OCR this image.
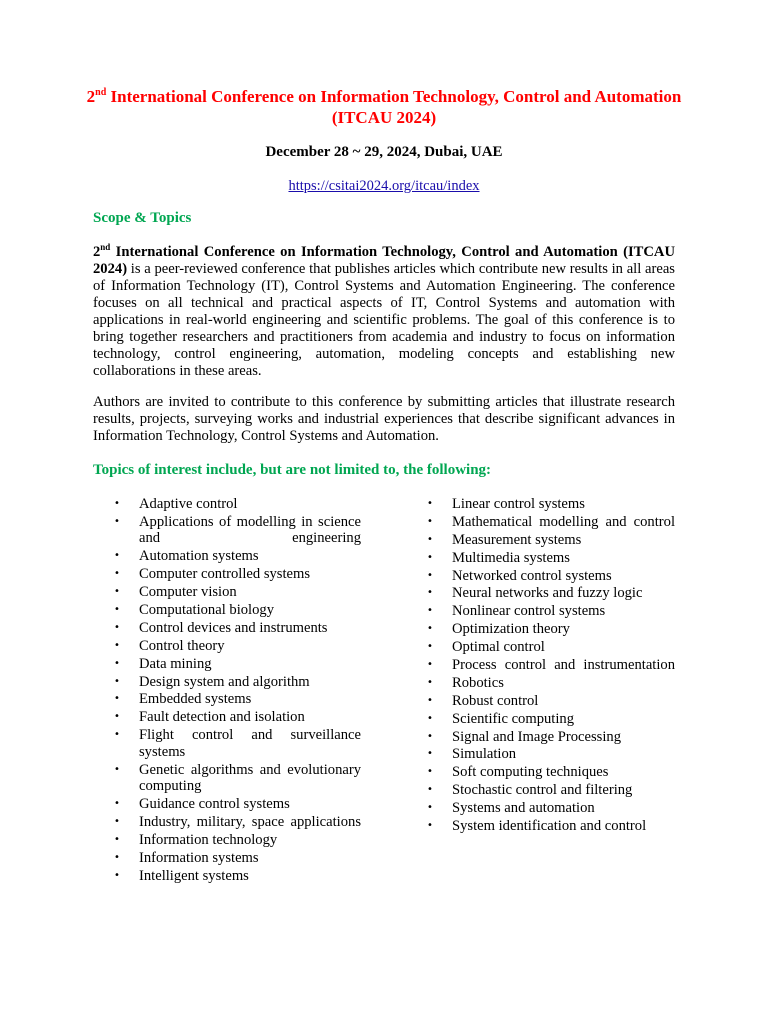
2nd International Conference on Information Technology, Control and Automation (ITCAU 2024)
December 28 ~ 29, 2024, Dubai, UAE
https://csitai2024.org/itcau/index
Scope & Topics
2nd International Conference on Information Technology, Control and Automation (ITCAU 2024) is a peer-reviewed conference that publishes articles which contribute new results in all areas of Information Technology (IT), Control Systems and Automation Engineering. The conference focuses on all technical and practical aspects of IT, Control Systems and automation with applications in real-world engineering and scientific problems. The goal of this conference is to bring together researchers and practitioners from academia and industry to focus on information technology, control engineering, automation, modeling concepts and establishing new collaborations in these areas.
Authors are invited to contribute to this conference by submitting articles that illustrate research results, projects, surveying works and industrial experiences that describe significant advances in Information Technology, Control Systems and Automation.
Topics of interest include, but are not limited to, the following:
• Adaptive control
• Applications of modelling in science and engineering
• Automation systems
• Computer controlled systems
• Computer vision
• Computational biology
• Control devices and instruments
• Control theory
• Data mining
• Design system and algorithm
• Embedded systems
• Fault detection and isolation
• Flight control and surveillance systems
• Genetic algorithms and evolutionary computing
• Guidance control systems
• Industry, military, space applications
• Information technology
• Information systems
• Intelligent systems
• Linear control systems
• Mathematical modelling and control
• Measurement systems
• Multimedia systems
• Networked control systems
• Neural networks and fuzzy logic
• Nonlinear control systems
• Optimization theory
• Optimal control
• Process control and instrumentation
• Robotics
• Robust control
• Scientific computing
• Signal and Image Processing
• Simulation
• Soft computing techniques
• Stochastic control and filtering
• Systems and automation
• System identification and control
